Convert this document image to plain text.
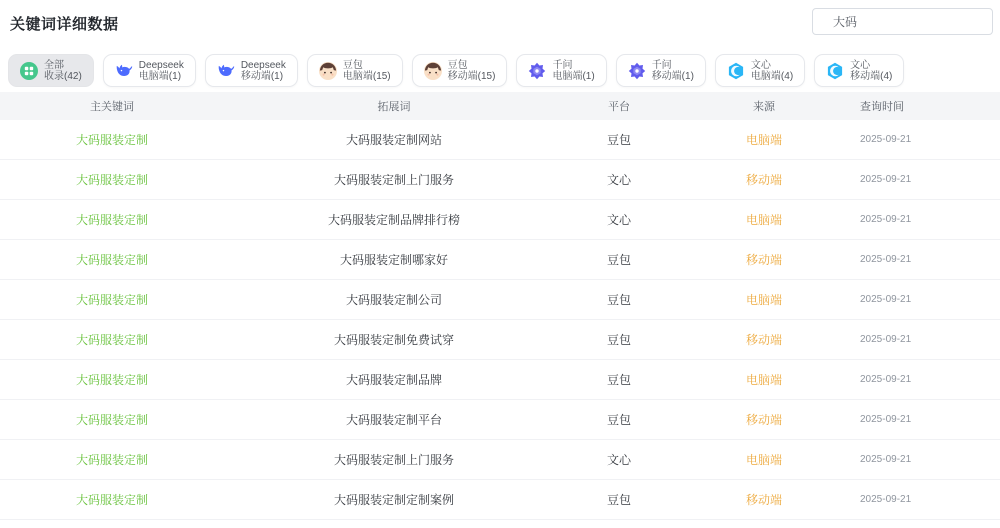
关键词详细数据
大码
全部
收录(42)
Deepseek
电脑端(1)
Deepseek
移动端(1)
豆包
电脑端(15)
豆包
移动端(15)
千问
电脑端(1)
千问
移动端(1)
文心
电脑端(4)
文心
移动端(4)
主关键词	拓展词	平台	来源	查询时间
大码服装定制	大码服装定制网站	豆包	电脑端	2025-09-21
大码服装定制	大码服装定制上门服务	文心	移动端	2025-09-21
大码服装定制	大码服装定制品牌排行榜	文心	电脑端	2025-09-21
大码服装定制	大码服装定制哪家好	豆包	移动端	2025-09-21
大码服装定制	大码服装定制公司	豆包	电脑端	2025-09-21
大码服装定制	大码服装定制免费试穿	豆包	移动端	2025-09-21
大码服装定制	大码服装定制品牌	豆包	电脑端	2025-09-21
大码服装定制	大码服装定制平台	豆包	移动端	2025-09-21
大码服装定制	大码服装定制上门服务	文心	电脑端	2025-09-21
大码服装定制	大码服装定制定制案例	豆包	移动端	2025-09-21
